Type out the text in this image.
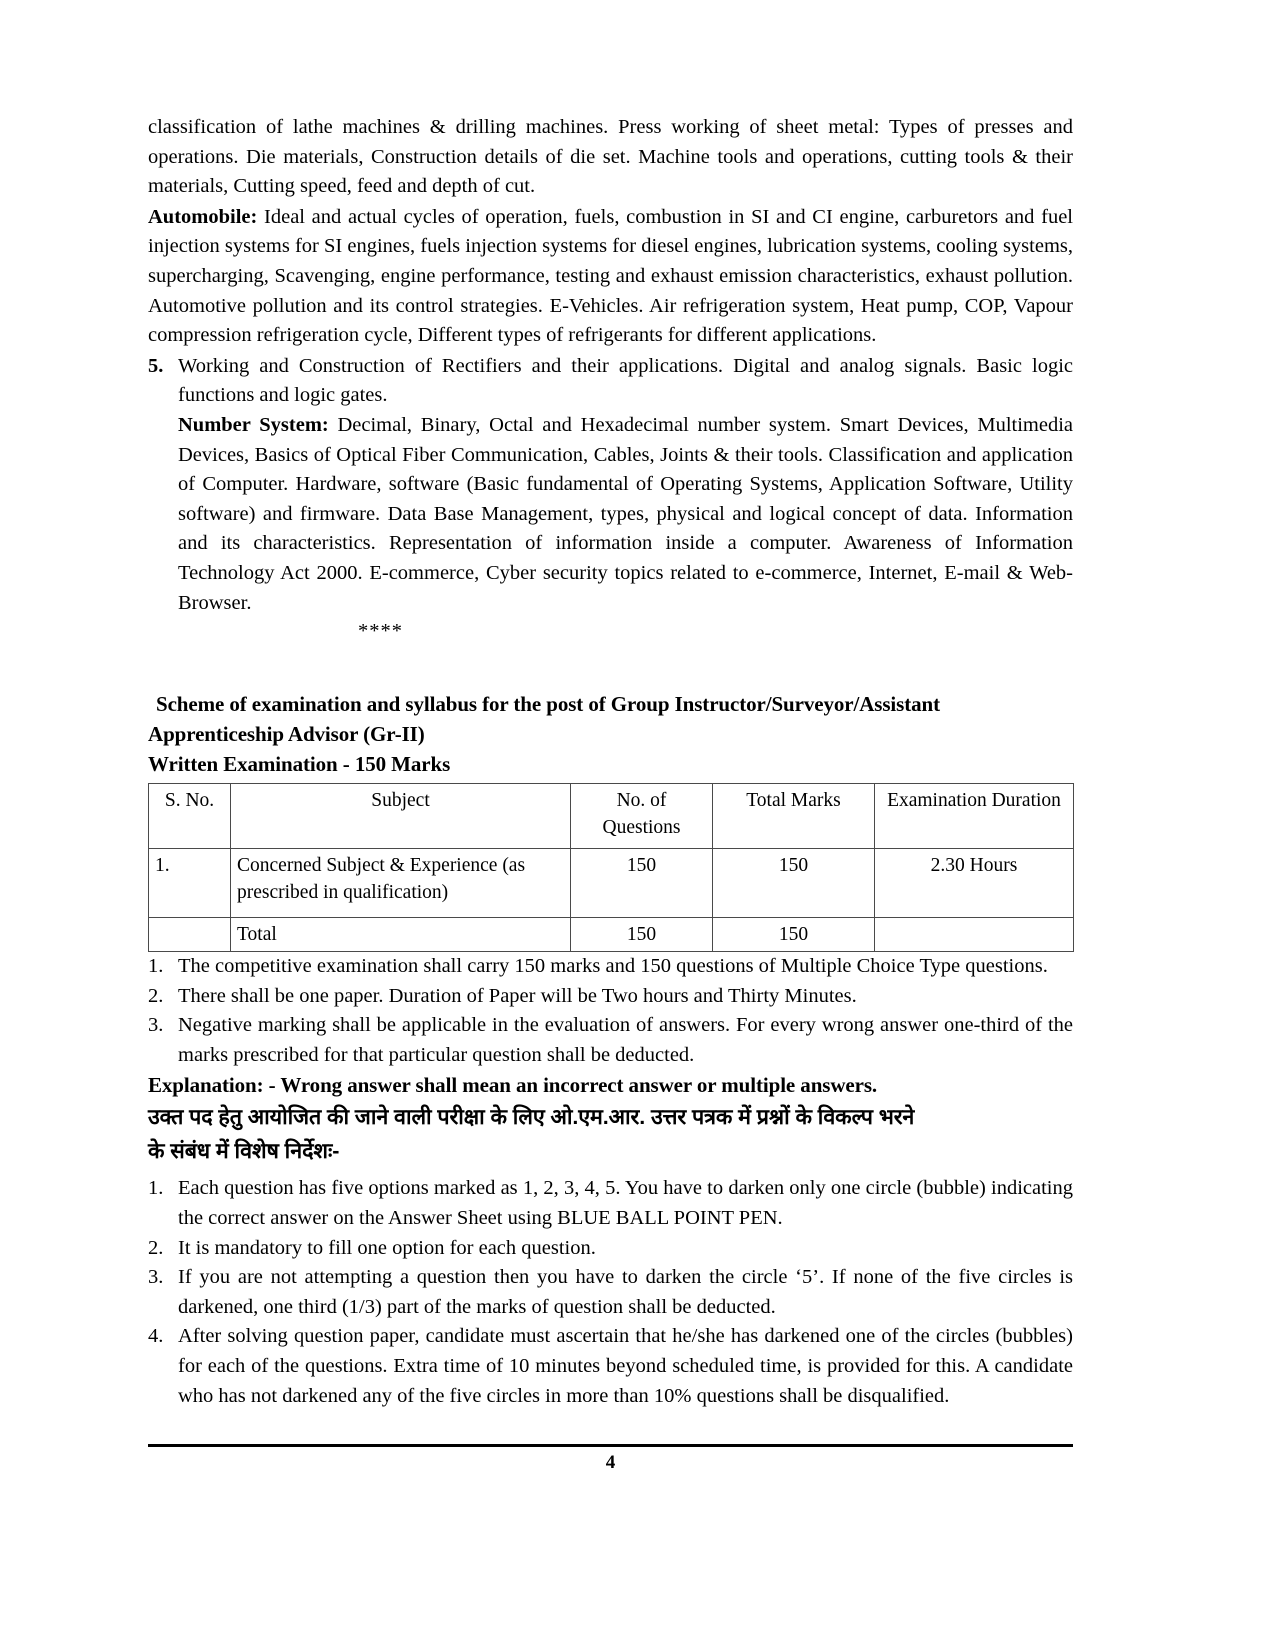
classification of lathe machines & drilling machines. Press working of sheet metal: Types of presses and operations. Die materials, Construction details of die set. Machine tools and operations, cutting tools & their materials, Cutting speed, feed and depth of cut.

Automobile: Ideal and actual cycles of operation, fuels, combustion in SI and CI engine, carburetors and fuel injection systems for SI engines, fuels injection systems for diesel engines, lubrication systems, cooling systems, supercharging, Scavenging, engine performance, testing and exhaust emission characteristics, exhaust pollution. Automotive pollution and its control strategies. E-Vehicles. Air refrigeration system, Heat pump, COP, Vapour compression refrigeration cycle, Different types of refrigerants for different applications.

5. Working and Construction of Rectifiers and their applications. Digital and analog signals. Basic logic functions and logic gates.

Number System: Decimal, Binary, Octal and Hexadecimal number system. Smart Devices, Multimedia Devices, Basics of Optical Fiber Communication, Cables, Joints & their tools. Classification and application of Computer. Hardware, software (Basic fundamental of Operating Systems, Application Software, Utility software) and firmware. Data Base Management, types, physical and logical concept of data. Information and its characteristics. Representation of information inside a computer. Awareness of Information Technology Act 2000. E-commerce, Cyber security topics related to e-commerce, Internet, E-mail & Web-Browser.

****
Scheme of examination and syllabus for the post of Group Instructor/Surveyor/Assistant
Apprenticeship Advisor (Gr-II)
Written Examination - 150 Marks
S. No.	Subject	No. of Questions	Total Marks	Examination Duration
1.	Concerned Subject & Experience (as prescribed in qualification)	150	150	2.30 Hours
	Total	150	150	
1. The competitive examination shall carry 150 marks and 150 questions of Multiple Choice Type questions.
2. There shall be one paper. Duration of Paper will be Two hours and Thirty Minutes.
3. Negative marking shall be applicable in the evaluation of answers. For every wrong answer one-third of the marks prescribed for that particular question shall be deducted.
Explanation: - Wrong answer shall mean an incorrect answer or multiple answers.
उक्त पद हेतु आयोजित की जाने वाली परीक्षा के लिए ओ.एम.आर. उत्तर पत्रक में प्रश्नों के विकल्प भरने
के संबंध में विशेष निर्देशः-
1. Each question has five options marked as 1, 2, 3, 4, 5. You have to darken only one circle (bubble) indicating the correct answer on the Answer Sheet using BLUE BALL POINT PEN.
2. It is mandatory to fill one option for each question.
3. If you are not attempting a question then you have to darken the circle ‘5’. If none of the five circles is darkened, one third (1/3) part of the marks of question shall be deducted.
4. After solving question paper, candidate must ascertain that he/she has darkened one of the circles (bubbles) for each of the questions. Extra time of 10 minutes beyond scheduled time, is provided for this. A candidate who has not darkened any of the five circles in more than 10% questions shall be disqualified.
4
